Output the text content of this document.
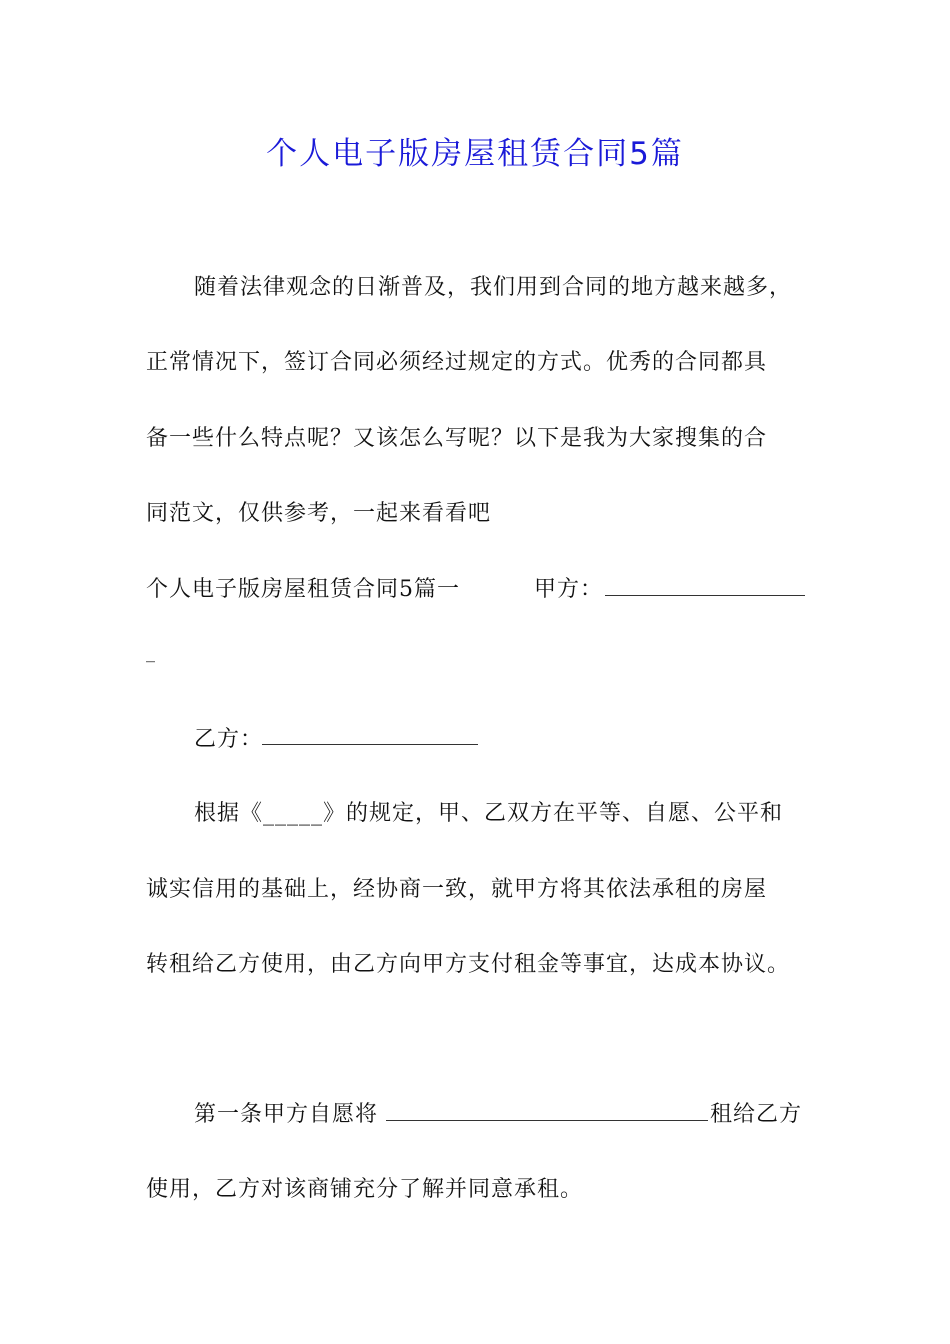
个人电子版房屋租赁合同5篇
随着法律观念的日渐普及，我们用到合同的地方越来越多，
正常情况下，签订合同必须经过规定的方式。优秀的合同都具
备一些什么特点呢？又该怎么写呢？以下是我为大家搜集的合
同范文，仅供参考，一起来看看吧
个人电子版房屋租赁合同5篇一	甲方：
_
乙方：
根据《_____》的规定，甲、乙双方在平等、自愿、公平和
诚实信用的基础上，经协商一致，就甲方将其依法承租的房屋
转租给乙方使用，由乙方向甲方支付租金等事宜，达成本协议。
第一条甲方自愿将	租给乙方
使用，乙方对该商铺充分了解并同意承租。
